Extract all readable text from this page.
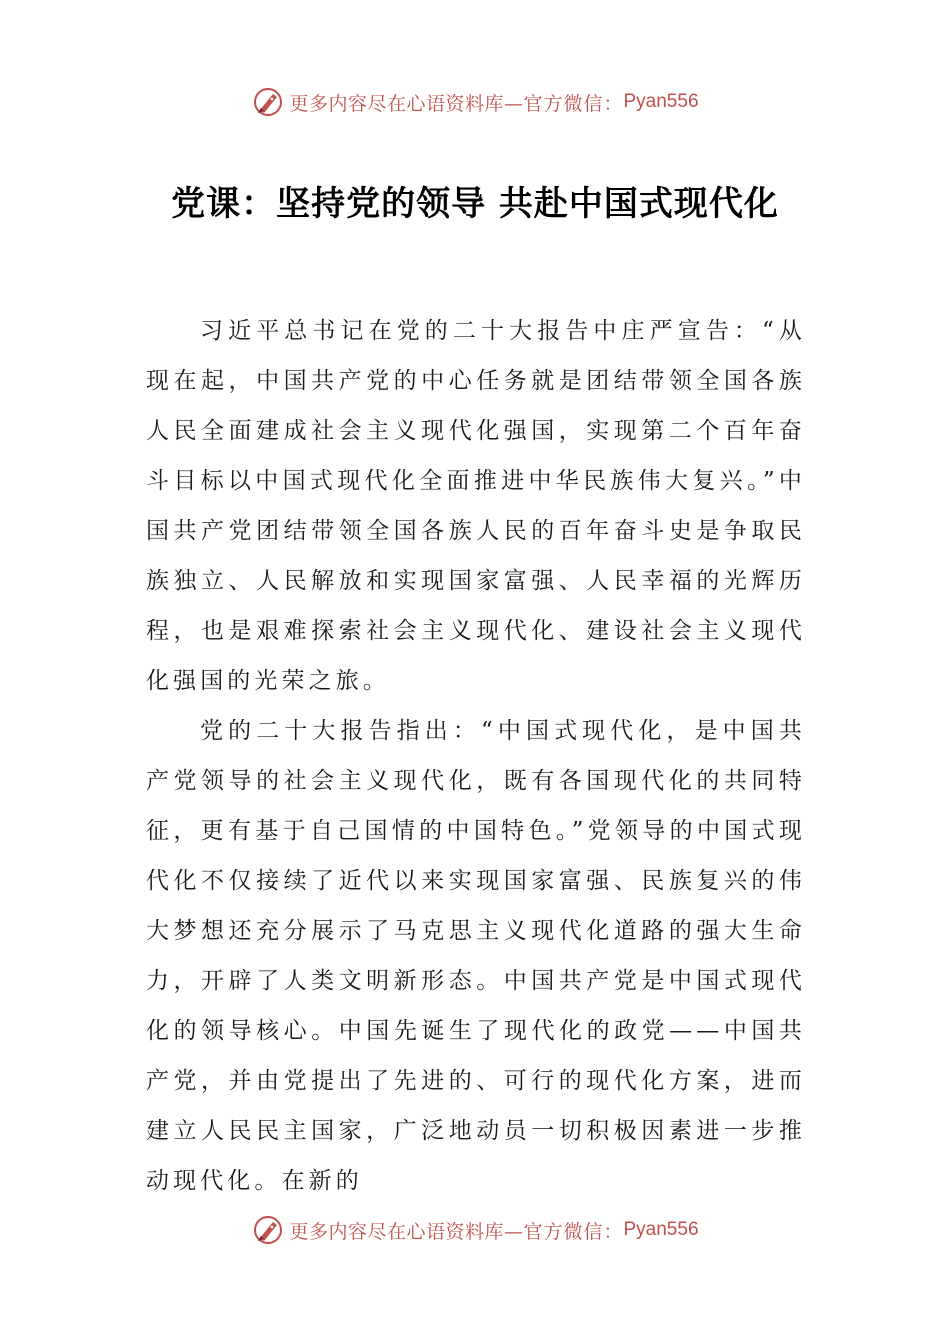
更多内容尽在心语资料库— 官方微信： Pyan556
党课：坚持党的领导 共赴中国式现代化

习近平总书记在党的二十大报告中庄严宣告：“从现在起，中国共产党的中心任务就是团结带领全国各族人民全面建成社会主义现代化强国，实现第二个百年奋斗目标以中国式现代化全面推进中华民族伟大复兴。”中国共产党团结带领全国各族人民的百年奋斗史是争取民族独立、人民解放和实现国家富强、人民幸福的光辉历程，也是艰难探索社会主义现代化、建设社会主义现代化强国的光荣之旅。

党的二十大报告指出：“中国式现代化，是中国共产党领导的社会主义现代化，既有各国现代化的共同特征，更有基于自己国情的中国特色。”党领导的中国式现代化不仅接续了近代以来实现国家富强、民族复兴的伟大梦想还充分展示了马克思主义现代化道路的强大生命力，开辟了人类文明新形态。中国共产党是中国式现代化的领导核心。中国先诞生了现代化的政党——中国共产党，并由党提出了先进的、可行的现代化方案，进而建立人民民主国家，广泛地动员一切积极因素进一步推动现代化。在新的

更多内容尽在心语资料库— 官方微信： Pyan556
